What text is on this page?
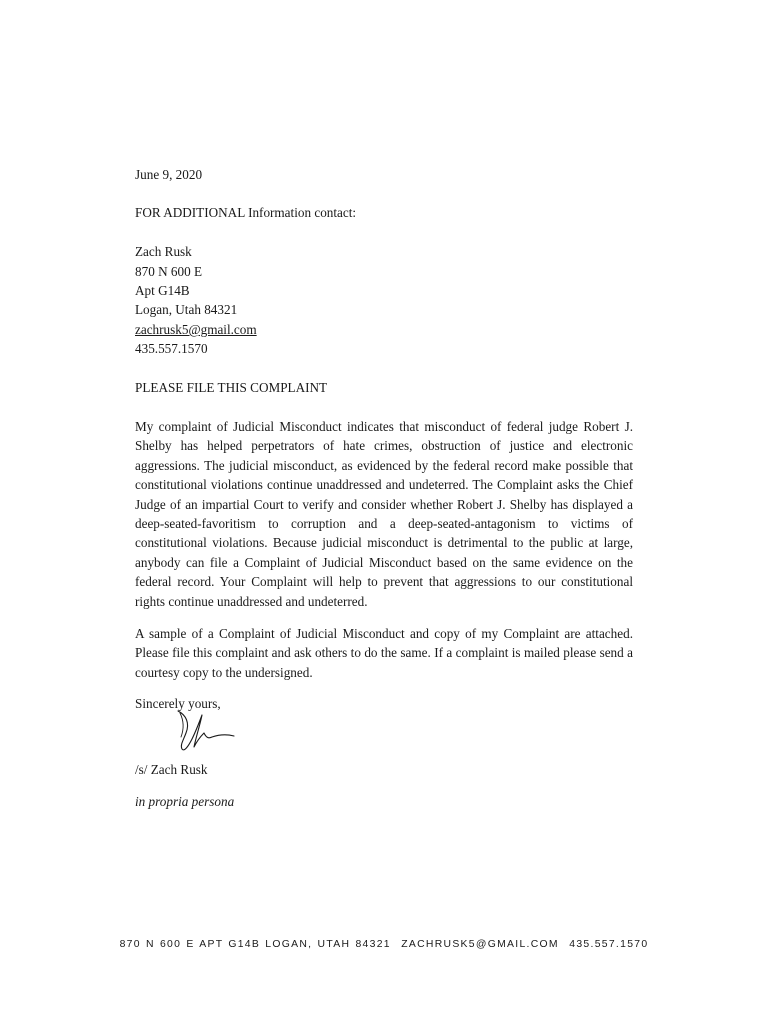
June 9, 2020
FOR ADDITIONAL Information contact:
Zach Rusk
870 N 600 E
Apt G14B
Logan, Utah 84321
zachrusk5@gmail.com
435.557.1570
PLEASE FILE THIS COMPLAINT
My complaint of Judicial Misconduct indicates that misconduct of federal judge Robert J. Shelby has helped perpetrators of hate crimes, obstruction of justice and electronic aggressions. The judicial misconduct, as evidenced by the federal record make possible that constitutional violations continue unaddressed and undeterred. The Complaint asks the Chief Judge of an impartial Court to verify and consider whether Robert J. Shelby has displayed a deep-seated-favoritism to corruption and a deep-seated-antagonism to victims of constitutional violations. Because judicial misconduct is detrimental to the public at large, anybody can file a Complaint of Judicial Misconduct based on the same evidence on the federal record. Your Complaint will help to prevent that aggressions to our constitutional rights continue unaddressed and undeterred.
A sample of a Complaint of Judicial Misconduct and copy of my Complaint are attached. Please file this complaint and ask others to do the same. If a complaint is mailed please send a courtesy copy to the undersigned.
Sincerely yours,
/s/ Zach Rusk
in propria persona
870 N 600 E APT G14B LOGAN, UTAH 84321 ZACHRUSK5@GMAIL.COM 435.557.1570
